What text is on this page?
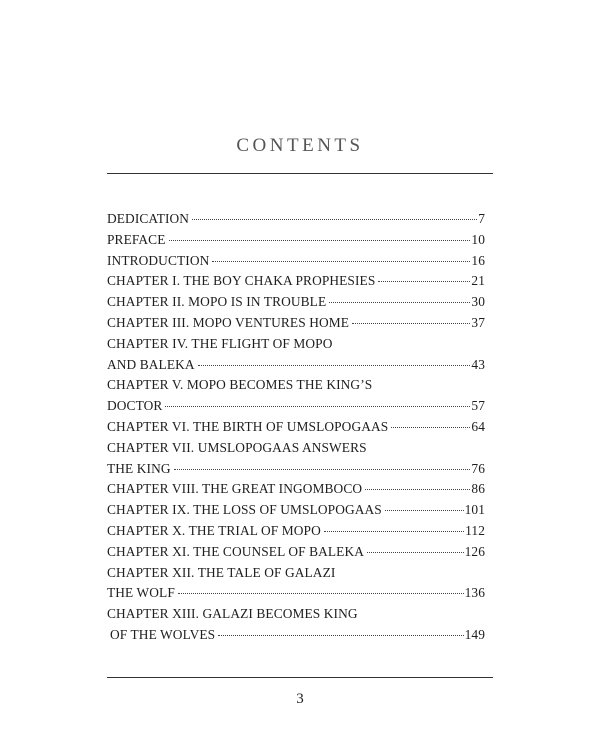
CONTENTS
DEDICATION	7
PREFACE	10
INTRODUCTION	16
CHAPTER I. THE BOY CHAKA PROPHESIES	21
CHAPTER II. MOPO IS IN TROUBLE	30
CHAPTER III. MOPO VENTURES HOME	37
CHAPTER IV. THE FLIGHT OF MOPO
AND BALEKA	43
CHAPTER V. MOPO BECOMES THE KING’S
DOCTOR	57
CHAPTER VI. THE BIRTH OF UMSLOPOGAAS	64
CHAPTER VII. UMSLOPOGAAS ANSWERS
THE KING	76
CHAPTER VIII. THE GREAT INGOMBOCO	86
CHAPTER IX. THE LOSS OF UMSLOPOGAAS	101
CHAPTER X. THE TRIAL OF MOPO	112
CHAPTER XI. THE COUNSEL OF BALEKA	126
CHAPTER XII. THE TALE OF GALAZI
THE WOLF	136
CHAPTER XIII. GALAZI BECOMES KING
OF THE WOLVES	149
3
